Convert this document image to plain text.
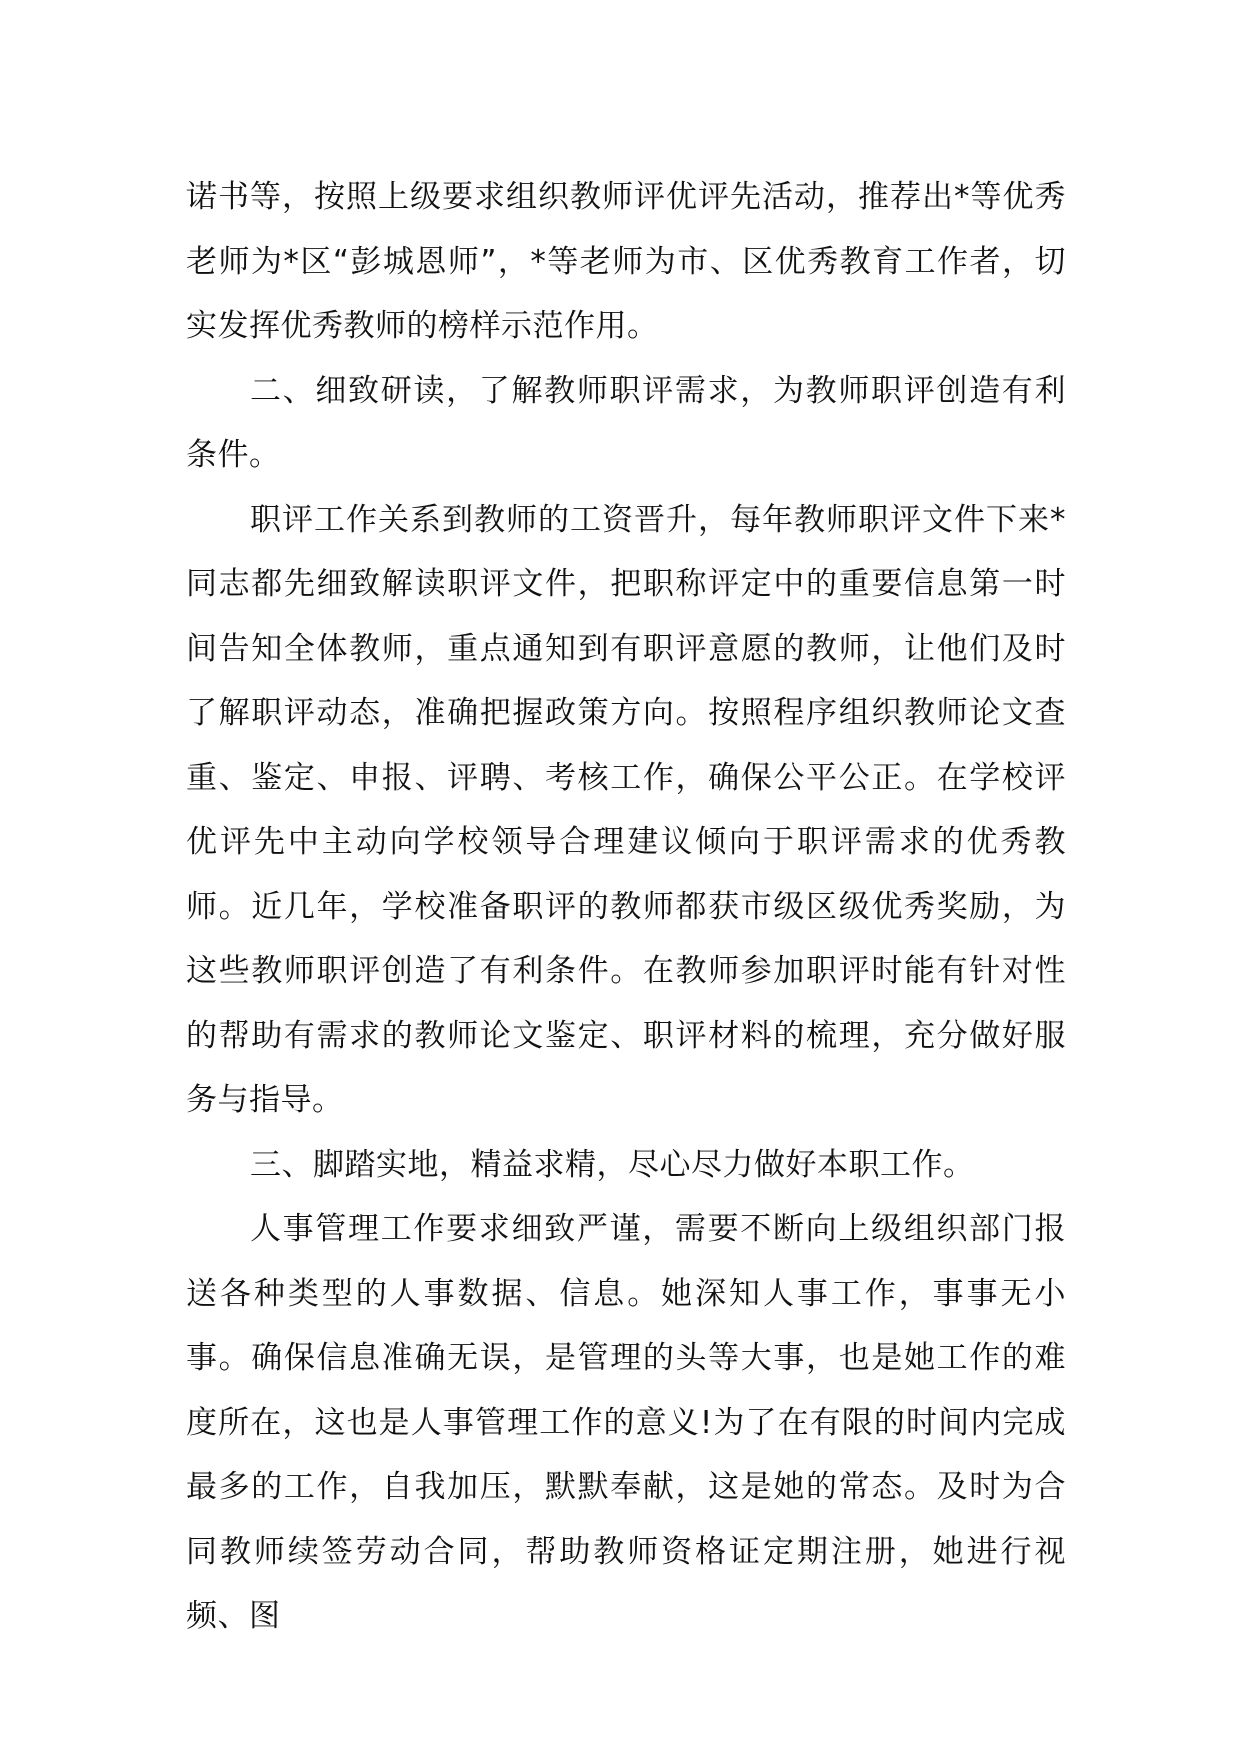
诺书等，按照上级要求组织教师评优评先活动，推荐出*等优秀老师为*区“彭城恩师”，*等老师为市、区优秀教育工作者，切实发挥优秀教师的榜样示范作用。

二、细致研读，了解教师职评需求，为教师职评创造有利条件。

职评工作关系到教师的工资晋升，每年教师职评文件下来*同志都先细致解读职评文件，把职称评定中的重要信息第一时间告知全体教师，重点通知到有职评意愿的教师，让他们及时了解职评动态，准确把握政策方向。按照程序组织教师论文查重、鉴定、申报、评聘、考核工作，确保公平公正。在学校评优评先中主动向学校领导合理建议倾向于职评需求的优秀教师。近几年，学校准备职评的教师都获市级区级优秀奖励，为这些教师职评创造了有利条件。在教师参加职评时能有针对性的帮助有需求的教师论文鉴定、职评材料的梳理，充分做好服务与指导。

三、脚踏实地，精益求精，尽心尽力做好本职工作。

人事管理工作要求细致严谨，需要不断向上级组织部门报送各种类型的人事数据、信息。她深知人事工作，事事无小事。确保信息准确无误，是管理的头等大事，也是她工作的难度所在，这也是人事管理工作的意义!为了在有限的时间内完成最多的工作，自我加压，默默奉献，这是她的常态。及时为合同教师续签劳动合同，帮助教师资格证定期注册，她进行视频、图
